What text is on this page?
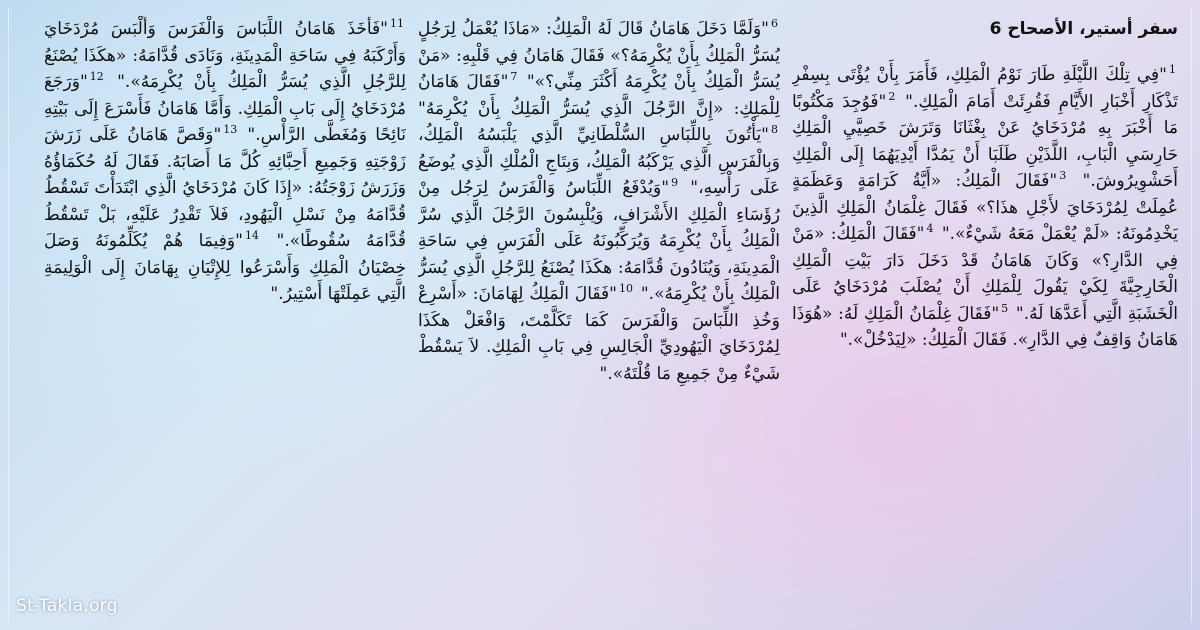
سفر أستير، الأصحاح 6
$^1$"فِي تِلْكَ اللَّيْلَةِ طَارَ نَوْمُ الْمَلِكِ، فَأَمَرَ بِأَنْ يُؤْتَى بِسِفْرِ تَذْكَارِ أَخْبَارِ الأَيَّامِ فَقُرِئَتْ أَمَامَ الْمَلِكِ." $^2$"فَوُجِدَ مَكْتُوبًا مَا أَخْبَرَ بِهِ مُرْدَخَايُ عَنْ بِغْثَانَا وَتَرَشَ خَصِيَّيِ الْمَلِكِ حَارِسَيِ الْبَابِ، اللَّذَيْنِ طَلَبَا أَنْ يَمُدَّا أَيْدِيَهُمَا إِلَى الْمَلِكِ أَحَشْوِيرُوشَ." $^3$"فَقَالَ الْمَلِكُ: «أَيَّةُ كَرَامَةٍ وَعَظَمَةٍ عُمِلَتْ لِمُرْدَخَايَ لأَجْلِ هذَا؟» فَقَالَ غِلْمَانُ الْمَلِكِ الَّذِينَ يَخْدِمُونَهُ: «لَمْ يُعْمَلْ مَعَهُ شَيْءٌ»." $^4$"فَقَالَ الْمَلِكُ: «مَنْ فِي الدَّارِ؟» وَكَانَ هَامَانُ قَدْ دَخَلَ دَارَ بَيْتِ الْمَلِكِ الْخَارِجِيَّةَ لِكَيْ يَقُولَ لِلْمَلِكِ أَنْ يُصْلَبَ مُرْدَخَايُ عَلَى الْخَشَبَةِ الَّتِي أَعَدَّهَا لَهُ." $^5$"فَقَالَ غِلْمَانُ الْمَلِكِ لَهُ: «هُوَذَا هَامَانُ وَاقِفٌ فِي الدَّارِ». فَقَالَ الْمَلِكُ: «لِيَدْخُلْ»."
$^6$"وَلَمَّا دَخَلَ هَامَانُ قَالَ لَهُ الْمَلِكُ: «مَاذَا يُعْمَلُ لِرَجُلٍ يُسَرُّ الْمَلِكُ بِأَنْ يُكْرِمَهُ؟» فَقَالَ هَامَانُ فِي قَلْبِهِ: «مَنْ يُسَرُّ الْمَلِكُ بِأَنْ يُكْرِمَهُ أَكْثَرَ مِنِّي؟»" $^7$"فَقَالَ هَامَانُ لِلْمَلِكِ: «إِنَّ الرَّجُلَ الَّذِي يُسَرُّ الْمَلِكُ بِأَنْ يُكْرِمَهُ" $^8$"يَأْتُونَ بِاللِّبَاسِ السُّلْطَانِيِّ الَّذِي يَلْبَسُهُ الْمَلِكُ، وَبِالْفَرَسِ الَّذِي يَرْكَبُهُ الْمَلِكُ، وَبِتَاجِ الْمُلْكِ الَّذِي يُوضَعُ عَلَى رَأْسِهِ،" $^9$"وَيُدْفَعُ اللِّبَاسُ وَالْفَرَسُ لِرَجُل مِنْ رُؤَسَاءِ الْمَلِكِ الأَشْرَافِ، وَيُلْبِسُونَ الرَّجُلَ الَّذِي سُرَّ الْمَلِكُ بِأَنْ يُكْرِمَهُ وَيُرَكِّبُونَهُ عَلَى الْفَرَسِ فِي سَاحَةِ الْمَدِينَةِ، وَيُنَادُونَ قُدَّامَهُ: هكَذَا يُصْنَعُ لِلرَّجُلِ الَّذِي يُسَرُّ الْمَلِكُ بِأَنْ يُكْرِمَهُ»." $^{10}$"فَقَالَ الْمَلِكُ لِهَامَانَ: «أَسْرِعْ وَخُذِ اللِّبَاسَ وَالْفَرَسَ كَمَا تَكَلَّمْتَ، وَافْعَلْ هكَذَا لِمُرْدَخَايَ الْيَهُودِيِّ الْجَالِسِ فِي بَابِ الْمَلِكِ. لاَ يَسْقُطْ شَيْءٌ مِنْ جَمِيعِ مَا قُلْتَهُ»."
$^{11}$"فَأَخَذَ هَامَانُ اللِّبَاسَ وَالْفَرَسَ وَأَلْبَسَ مُرْدَخَايَ وَأَرْكَبَهُ فِي سَاحَةِ الْمَدِينَةِ، وَنَادَى قُدَّامَهُ: «هكَذَا يُصْنَعُ لِلرَّجُلِ الَّذِي يُسَرُّ الْمَلِكُ بِأَنْ يُكْرِمَهُ»." $^{12}$"وَرَجَعَ مُرْدَخَايُ إِلَى بَابِ الْمَلِكِ. وَأَمَّا هَامَانُ فَأَسْرَعَ إِلَى بَيْتِهِ نَائِحًا وَمُغَطَّى الرَّأْسِ." $^{13}$"وَقَصَّ هَامَانُ عَلَى زَرَشَ زَوْجَتِهِ وَجَمِيعِ أَحِبَّائِهِ كُلَّ مَا أَصَابَهُ. فَقَالَ لَهُ حُكَمَاؤُهُ وَزَرَشُ زَوْجَتُهُ: «إِذَا كَانَ مُرْدَخَايُ الَّذِي ابْتَدَأْتَ تَسْقُطُ قُدَّامَهُ مِنْ نَسْلِ الْيَهُودِ، فَلاَ تَقْدِرُ عَلَيْهِ، بَلْ تَسْقُطُ قُدَّامَهُ سُقُوطًا»." $^{14}$"وَفِيمَا هُمْ يُكَلِّمُونَهُ وَصَلَ خِصْيَانُ الْمَلِكِ وَأَسْرَعُوا لِلإِتْيَانِ بِهَامَانَ إِلَى الْوَلِيمَةِ الَّتِي عَمِلَتْهَا أَسْتِيرُ."
St-Takla.org
